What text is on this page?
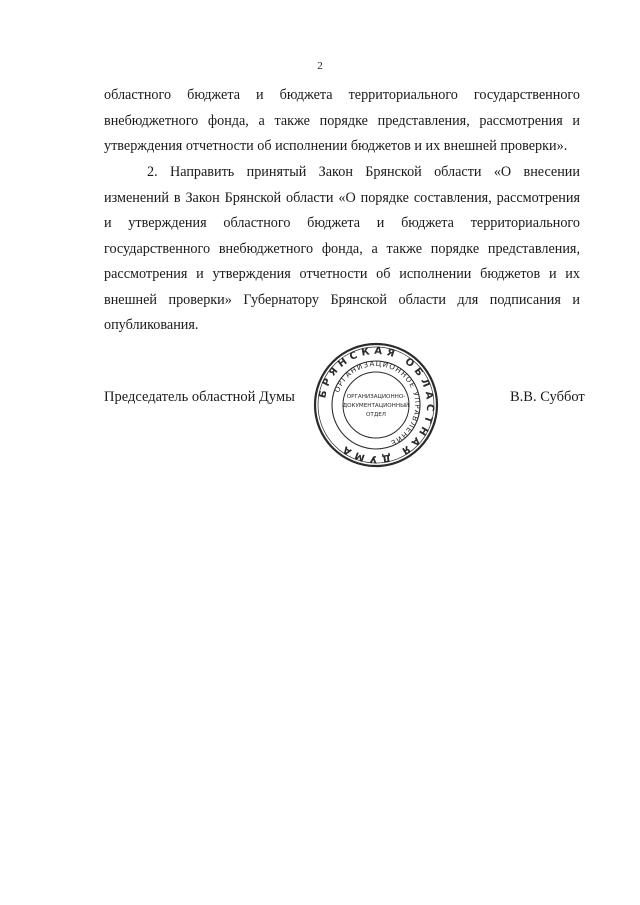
2

областного бюджета и бюджета территориального государственного внебюджетного фонда, а также порядке представления, рассмотрения и утверждения отчетности об исполнении бюджетов и их внешней проверки».

2. Направить принятый Закон Брянской области «О внесении изменений в Закон Брянской области «О порядке составления, рассмотрения и утверждения областного бюджета и бюджета территориального государственного внебюджетного фонда, а также порядке представления, рассмотрения и утверждения отчетности об исполнении бюджетов и их внешней проверки» Губернатору Брянской области для подписания и опубликования.

Председатель областной Думы БРЯНСКАЯ ОБЛАСТНАЯ ДУМА
ОРГАНИЗАЦИОННОЕ УПРАВЛЕНИЕ
ОРГАНИЗАЦИОННО-
ДОКУМЕНТАЦИОННЫЙ
ОТДЕЛ
В.В. Суббот
